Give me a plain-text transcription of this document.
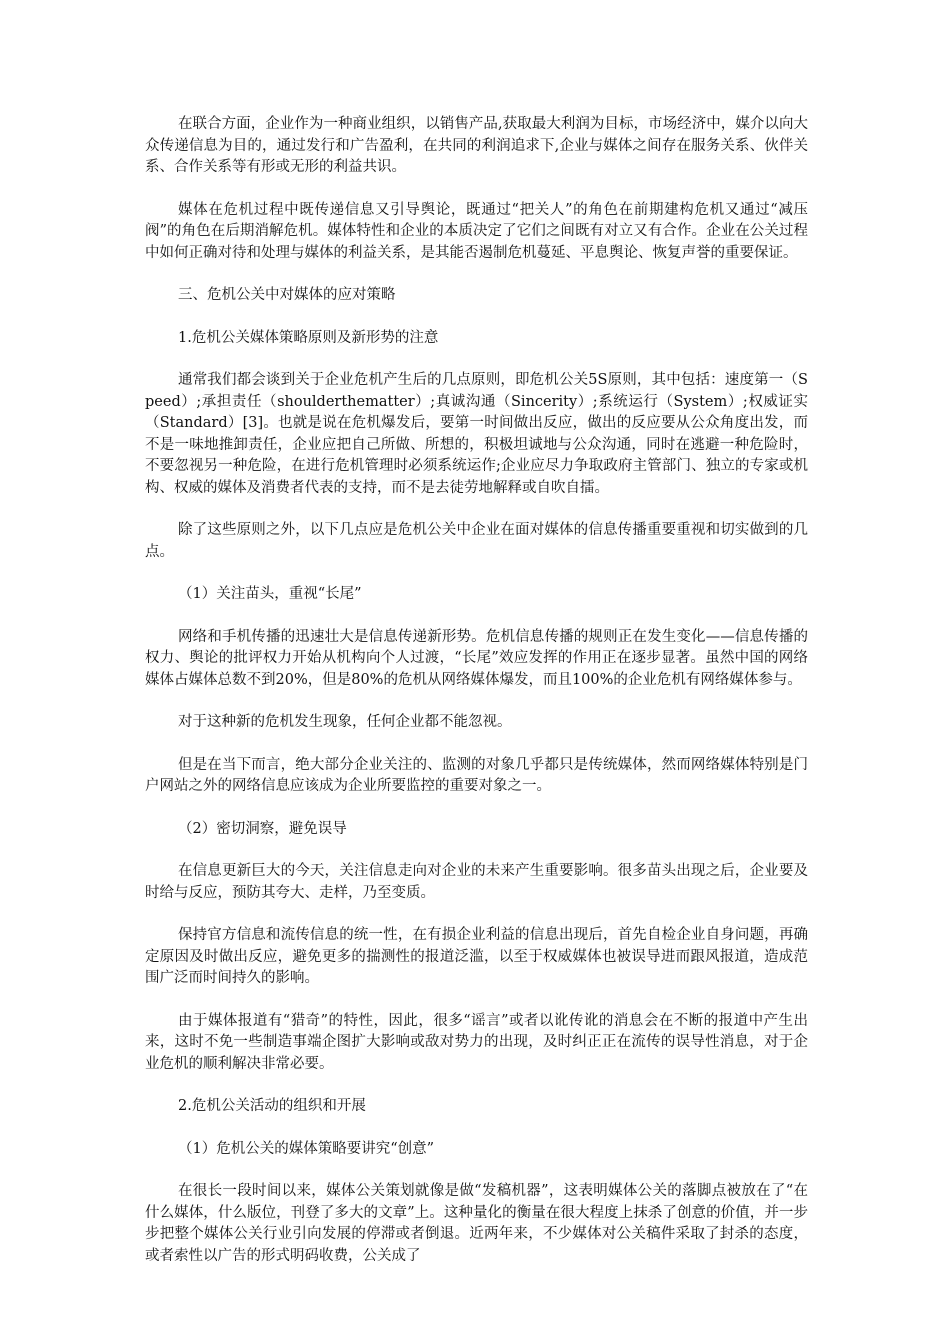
在联合方面，企业作为一种商业组织，以销售产品,获取最大利润为目标，市场经济中，媒介以向大众传递信息为目的，通过发行和广告盈利，在共同的利润追求下,企业与媒体之间存在服务关系、伙伴关系、合作关系等有形或无形的利益共识。

媒体在危机过程中既传递信息又引导舆论，既通过“把关人”的角色在前期建构危机又通过“减压阀”的角色在后期消解危机。媒体特性和企业的本质决定了它们之间既有对立又有合作。企业在公关过程中如何正确对待和处理与媒体的利益关系，是其能否遏制危机蔓延、平息舆论、恢复声誉的重要保证。

三、危机公关中对媒体的应对策略

1.危机公关媒体策略原则及新形势的注意

通常我们都会谈到关于企业危机产生后的几点原则，即危机公关5S原则，其中包括：速度第一（Speed）;承担责任（shoulderthematter）;真诚沟通（Sincerity）;系统运行（System）;权威证实（Standard）[3]。也就是说在危机爆发后，要第一时间做出反应，做出的反应要从公众角度出发，而不是一味地推卸责任，企业应把自己所做、所想的，积极坦诚地与公众沟通，同时在逃避一种危险时，不要忽视另一种危险，在进行危机管理时必须系统运作;企业应尽力争取政府主管部门、独立的专家或机构、权威的媒体及消费者代表的支持，而不是去徒劳地解释或自吹自擂。

除了这些原则之外，以下几点应是危机公关中企业在面对媒体的信息传播重要重视和切实做到的几点。

（1）关注苗头，重视“长尾”

网络和手机传播的迅速壮大是信息传递新形势。危机信息传播的规则正在发生变化——信息传播的权力、舆论的批评权力开始从机构向个人过渡，“长尾”效应发挥的作用正在逐步显著。虽然中国的网络媒体占媒体总数不到20%，但是80%的危机从网络媒体爆发，而且100%的企业危机有网络媒体参与。

对于这种新的危机发生现象，任何企业都不能忽视。

但是在当下而言，绝大部分企业关注的、监测的对象几乎都只是传统媒体，然而网络媒体特别是门户网站之外的网络信息应该成为企业所要监控的重要对象之一。

（2）密切洞察，避免误导

在信息更新巨大的今天，关注信息走向对企业的未来产生重要影响。很多苗头出现之后，企业要及时给与反应，预防其夸大、走样，乃至变质。

保持官方信息和流传信息的统一性，在有损企业利益的信息出现后，首先自检企业自身问题，再确定原因及时做出反应，避免更多的揣测性的报道泛滥，以至于权威媒体也被误导进而跟风报道，造成范围广泛而时间持久的影响。

由于媒体报道有“猎奇”的特性，因此，很多“谣言”或者以讹传讹的消息会在不断的报道中产生出来，这时不免一些制造事端企图扩大影响或敌对势力的出现，及时纠正正在流传的误导性消息，对于企业危机的顺利解决非常必要。

2.危机公关活动的组织和开展

（1）危机公关的媒体策略要讲究“创意”

在很长一段时间以来，媒体公关策划就像是做“发稿机器”，这表明媒体公关的落脚点被放在了“在什么媒体，什么版位，刊登了多大的文章”上。这种量化的衡量在很大程度上抹杀了创意的价值，并一步步把整个媒体公关行业引向发展的停滞或者倒退。近两年来，不少媒体对公关稿件采取了封杀的态度，或者索性以广告的形式明码收费，公关成了
